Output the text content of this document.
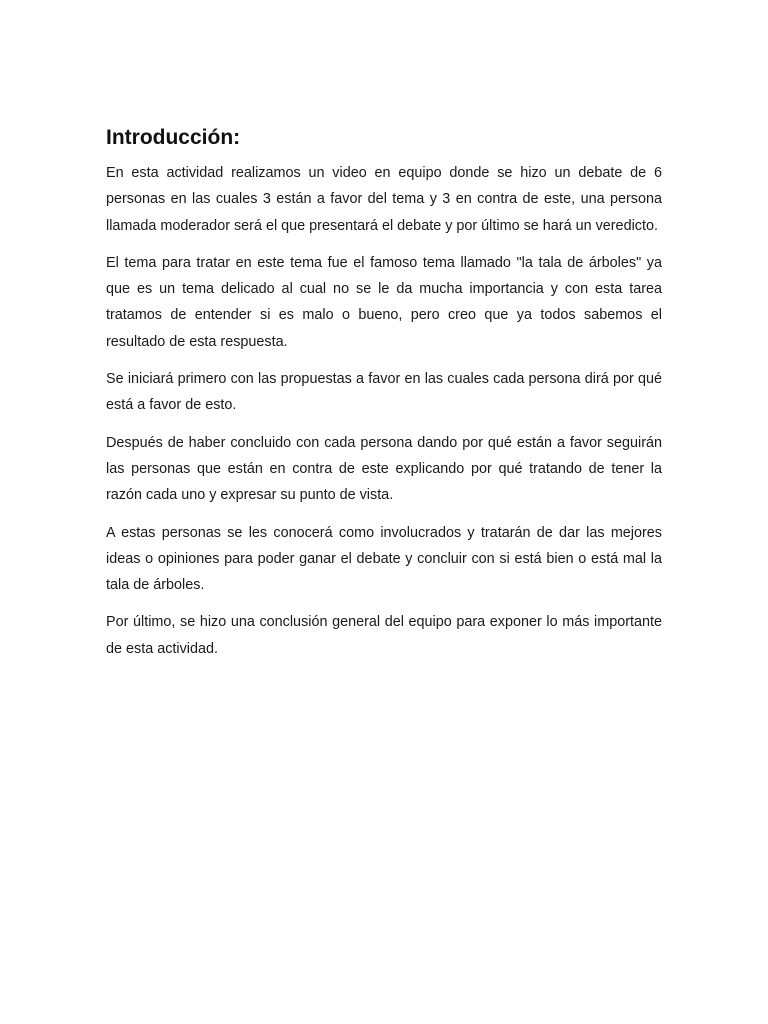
Introducción:

En esta actividad realizamos un video en equipo donde se hizo un debate de 6 personas en las cuales 3 están a favor del tema y 3 en contra de este, una persona llamada moderador será el que presentará el debate y por último se hará un veredicto.

El tema para tratar en este tema fue el famoso tema llamado "la tala de árboles" ya que es un tema delicado al cual no se le da mucha importancia y con esta tarea tratamos de entender si es malo o bueno, pero creo que ya todos sabemos el resultado de esta respuesta.

Se iniciará primero con las propuestas a favor en las cuales cada persona dirá por qué está a favor de esto.

Después de haber concluido con cada persona dando por qué están a favor seguirán las personas que están en contra de este explicando por qué tratando de tener la razón cada uno y expresar su punto de vista.

A estas personas se les conocerá como involucrados y tratarán de dar las mejores ideas o opiniones para poder ganar el debate y concluir con si está bien o está mal la tala de árboles.

Por último, se hizo una conclusión general del equipo para exponer lo más importante de esta actividad.
